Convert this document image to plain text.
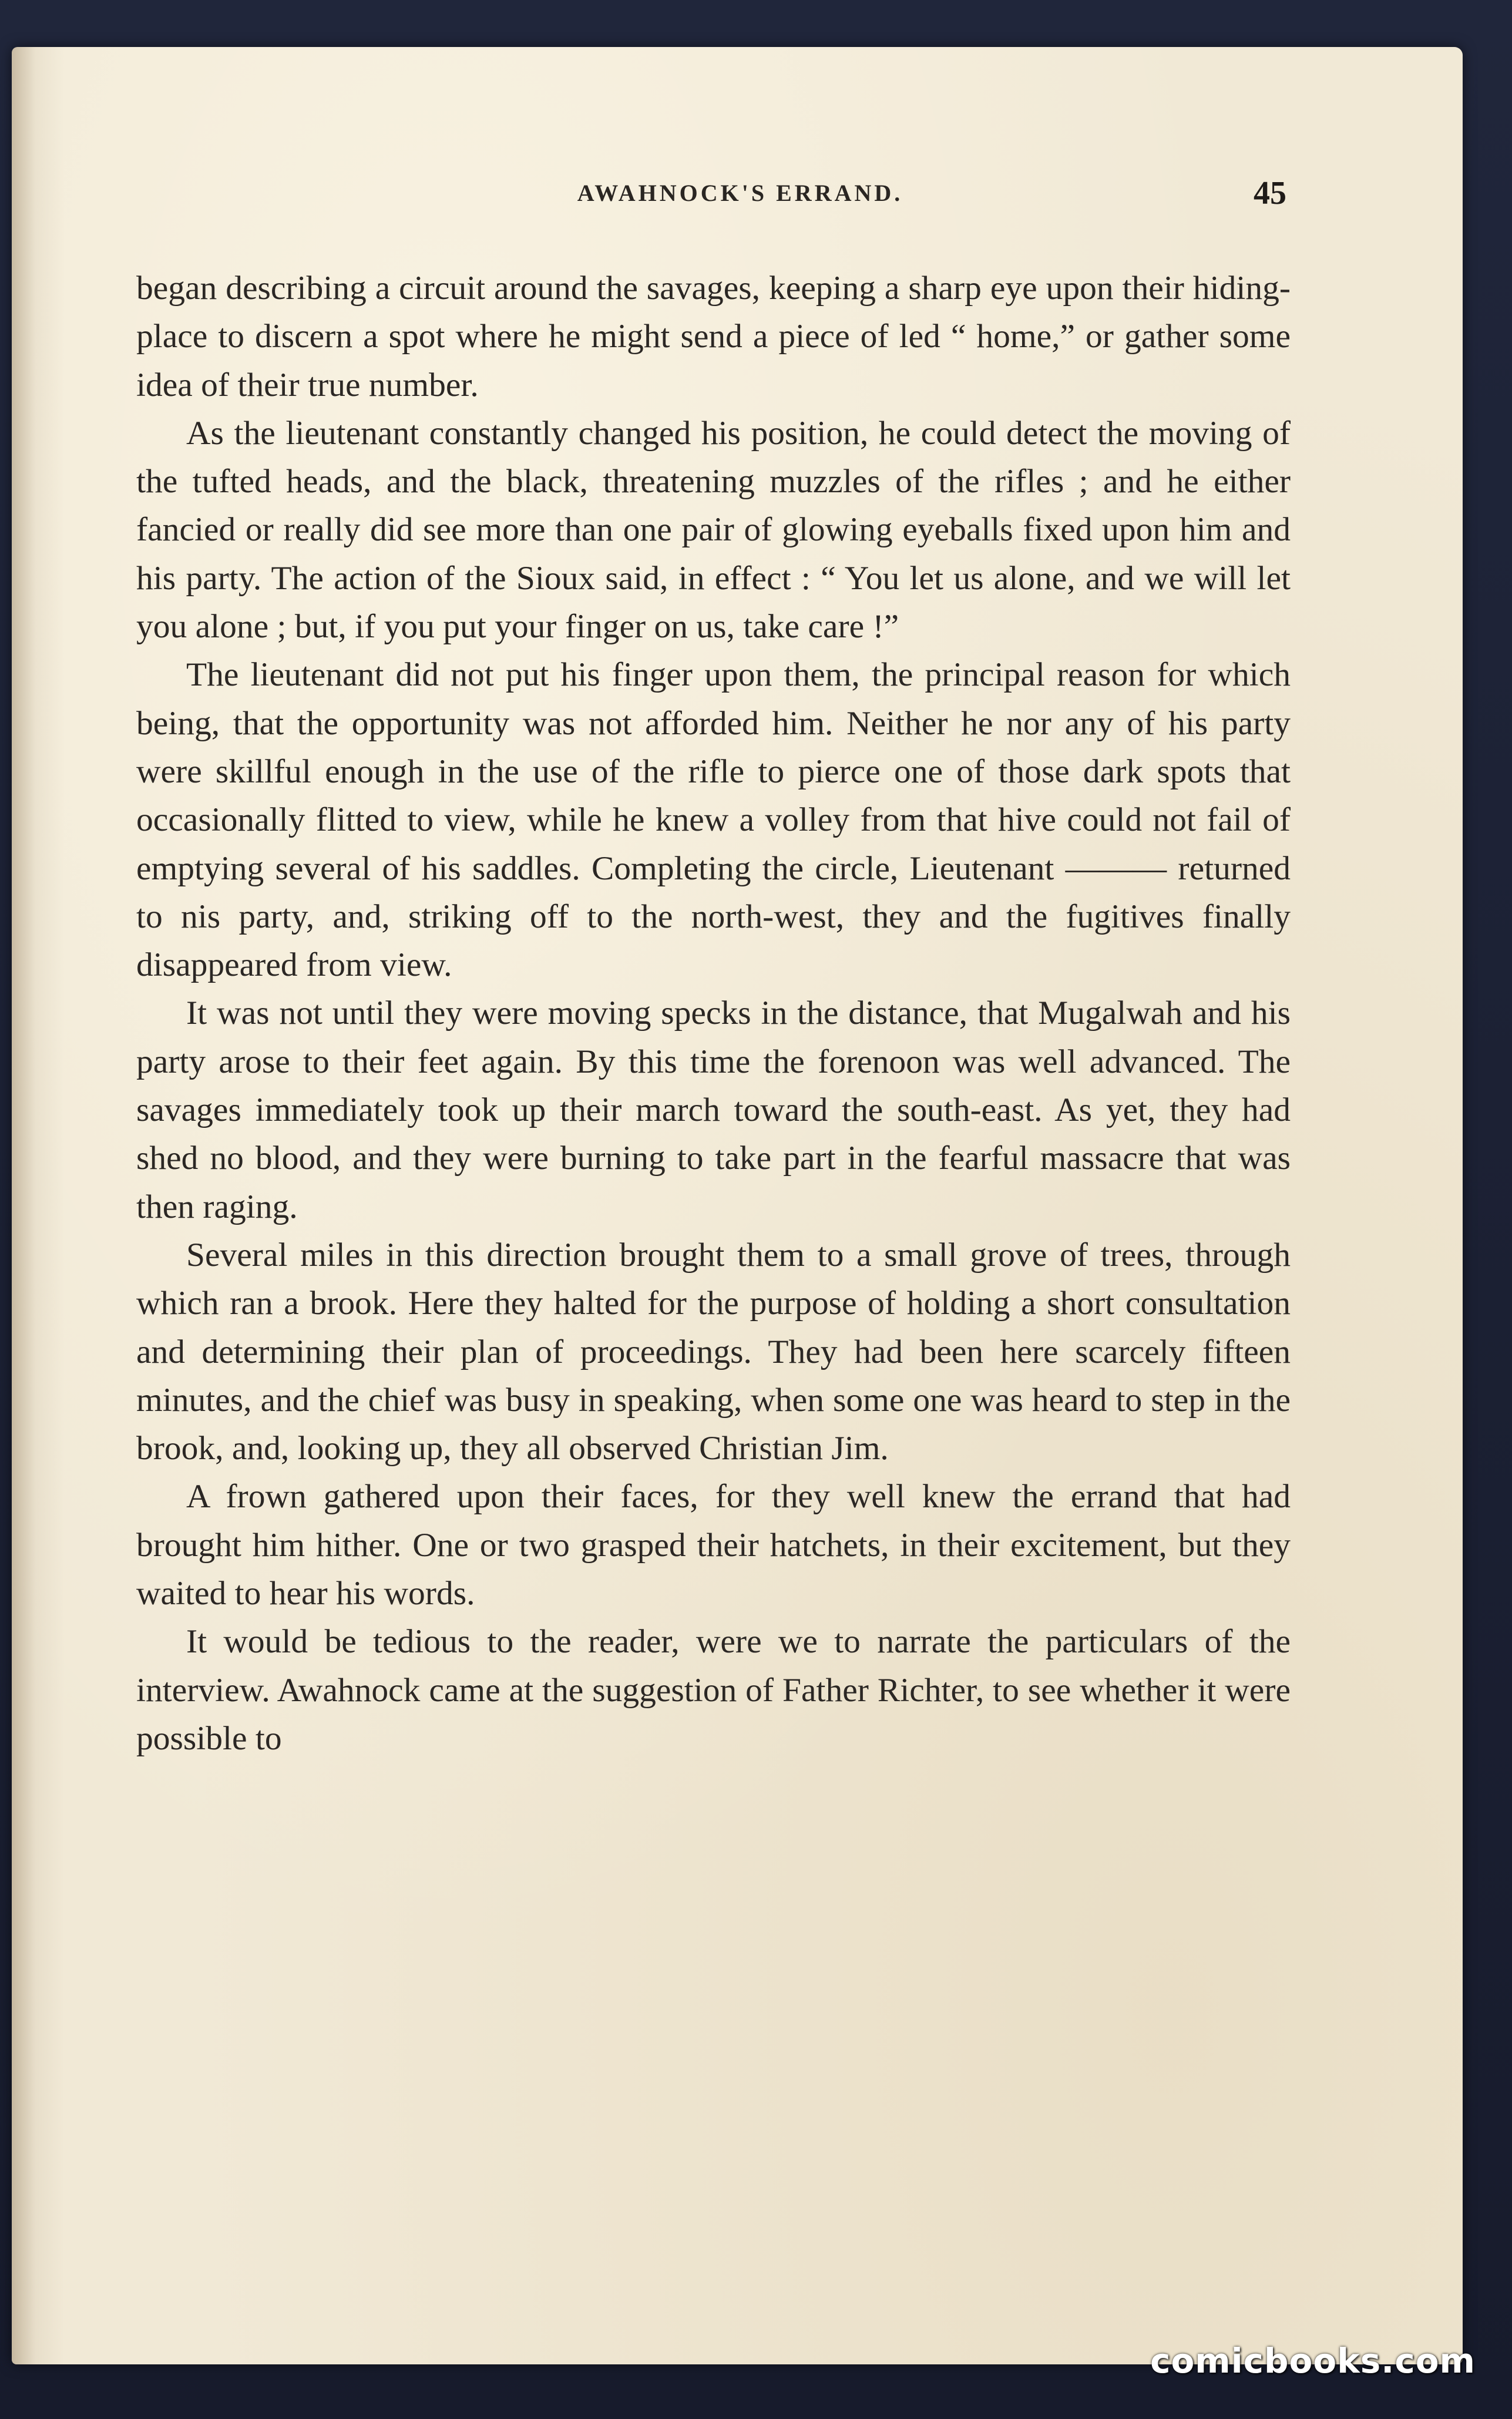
AWAHNOCK'S ERRAND.	45

began describing a circuit around the savages, keeping a sharp eye upon their hiding-place to discern a spot where he might send a piece of led “ home,” or gather some idea of their true number.

As the lieutenant constantly changed his position, he could detect the moving of the tufted heads, and the black, threatening muzzles of the rifles ; and he either fancied or really did see more than one pair of glowing eyeballs fixed upon him and his party. The action of the Sioux said, in effect : “ You let us alone, and we will let you alone ; but, if you put your finger on us, take care !”

The lieutenant did not put his finger upon them, the principal reason for which being, that the opportunity was not afforded him. Neither he nor any of his party were skillful enough in the use of the rifle to pierce one of those dark spots that occasionally flitted to view, while he knew a volley from that hive could not fail of emptying several of his saddles. Completing the circle, Lieutenant ——— returned to nis party, and, striking off to the north-west, they and the fugitives finally disappeared from view.

It was not until they were moving specks in the distance, that Mugalwah and his party arose to their feet again. By this time the forenoon was well advanced. The savages immediately took up their march toward the south-east. As yet, they had shed no blood, and they were burning to take part in the fearful massacre that was then raging.

Several miles in this direction brought them to a small grove of trees, through which ran a brook. Here they halted for the purpose of holding a short consultation and determining their plan of proceedings. They had been here scarcely fifteen minutes, and the chief was busy in speaking, when some one was heard to step in the brook, and, looking up, they all observed Christian Jim.

A frown gathered upon their faces, for they well knew the errand that had brought him hither. One or two grasped their hatchets, in their excitement, but they waited to hear his words.

It would be tedious to the reader, were we to narrate the particulars of the interview. Awahnock came at the suggestion of Father Richter, to see whether it were possible to

comicbooks.com
